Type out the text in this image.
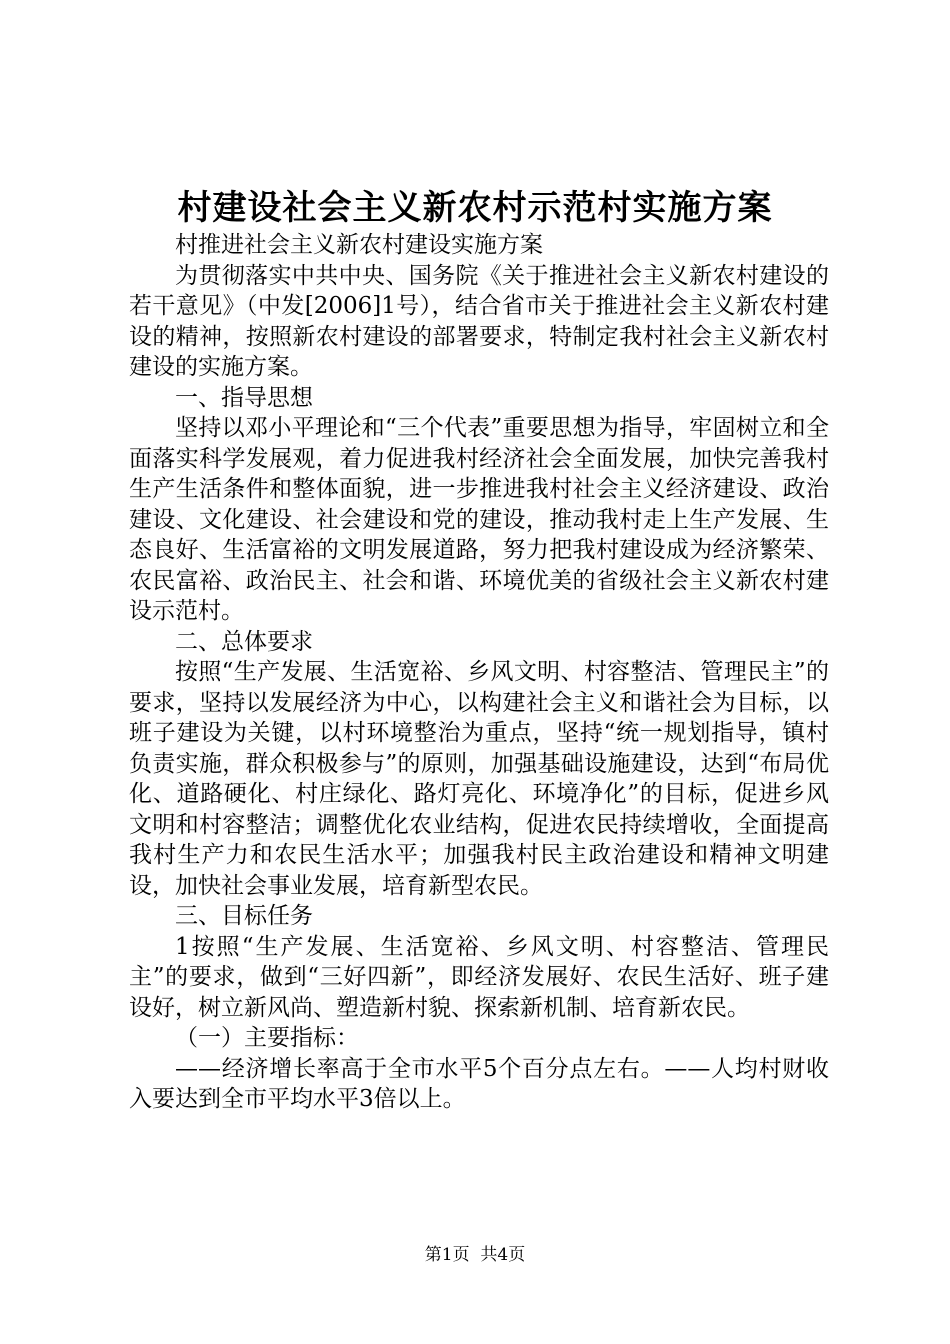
村建设社会主义新农村示范村实施方案

村推进社会主义新农村建设实施方案

为贯彻落实中共中央、国务院《关于推进社会主义新农村建设的若干意见》（中发[2006]1号），结合省市关于推进社会主义新农村建设的精神，按照新农村建设的部署要求，特制定我村社会主义新农村建设的实施方案。

一、指导思想

坚持以邓小平理论和“三个代表”重要思想为指导，牢固树立和全面落实科学发展观，着力促进我村经济社会全面发展，加快完善我村生产生活条件和整体面貌，进一步推进我村社会主义经济建设、政治建设、文化建设、社会建设和党的建设，推动我村走上生产发展、生态良好、生活富裕的文明发展道路，努力把我村建设成为经济繁荣、农民富裕、政治民主、社会和谐、环境优美的省级社会主义新农村建设示范村。

二、总体要求

按照“生产发展、生活宽裕、乡风文明、村容整洁、管理民主”的要求，坚持以发展经济为中心，以构建社会主义和谐社会为目标，以班子建设为关键，以村环境整治为重点，坚持“统一规划指导，镇村负责实施，群众积极参与”的原则，加强基础设施建设，达到“布局优化、道路硬化、村庄绿化、路灯亮化、环境净化”的目标，促进乡风文明和村容整洁；调整优化农业结构，促进农民持续增收，全面提高我村生产力和农民生活水平；加强我村民主政治建设和精神文明建设，加快社会事业发展，培育新型农民。

三、目标任务

1按照“生产发展、生活宽裕、乡风文明、村容整洁、管理民主”的要求，做到“三好四新”，即经济发展好、农民生活好、班子建设好，树立新风尚、塑造新村貌、探索新机制、培育新农民。

（一）主要指标：

——经济增长率高于全市水平5个百分点左右。——人均村财收入要达到全市平均水平3倍以上。

第1页 共4页
